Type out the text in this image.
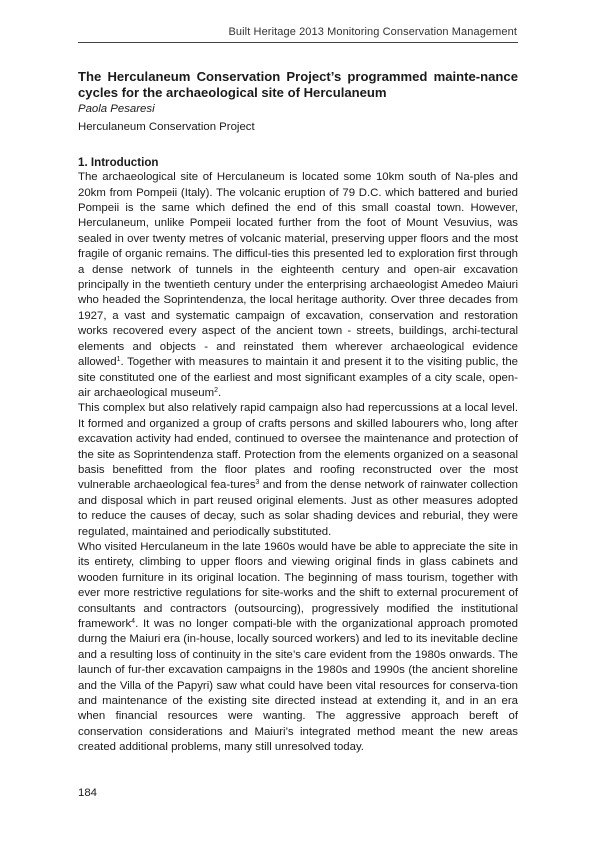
Built Heritage 2013 Monitoring Conservation Management
The Herculaneum Conservation Project’s programmed mainte-nance cycles for the archaeological site of Herculaneum
Paola Pesaresi
Herculaneum Conservation Project
1. Introduction

The archaeological site of Herculaneum is located some 10km south of Na-ples and 20km from Pompeii (Italy). The volcanic eruption of 79 D.C. which battered and buried Pompeii is the same which defined the end of this small coastal town. However, Herculaneum, unlike Pompeii located further from the foot of Mount Vesuvius, was sealed in over twenty metres of volcanic material, preserving upper floors and the most fragile of organic remains. The difficul-ties this presented led to exploration first through a dense network of tunnels in the eighteenth century and open-air excavation principally in the twentieth century under the enterprising archaeologist Amedeo Maiuri who headed the Soprintendenza, the local heritage authority. Over three decades from 1927, a vast and systematic campaign of excavation, conservation and restoration works recovered every aspect of the ancient town - streets, buildings, archi-tectural elements and objects - and reinstated them wherever archaeological evidence allowed$^1$. Together with measures to maintain it and present it to the visiting public, the site constituted one of the earliest and most significant examples of a city scale, open-air archaeological museum$^2$.

This complex but also relatively rapid campaign also had repercussions at a local level. It formed and organized a group of crafts persons and skilled labourers who, long after excavation activity had ended, continued to oversee the maintenance and protection of the site as Soprintendenza staff. Protection from the elements organized on a seasonal basis benefitted from the floor plates and roofing reconstructed over the most vulnerable archaeological fea-tures$^3$ and from the dense network of rainwater collection and disposal which in part reused original elements. Just as other measures adopted to reduce the causes of decay, such as solar shading devices and reburial, they were regulated, maintained and periodically substituted.

Who visited Herculaneum in the late 1960s would have be able to appreciate the site in its entirety, climbing to upper floors and viewing original finds in glass cabinets and wooden furniture in its original location. The beginning of mass tourism, together with ever more restrictive regulations for site-works and the shift to external procurement of consultants and contractors (outsourcing), progressively modified the institutional framework$^4$. It was no longer compati-ble with the organizational approach promoted durng the Maiuri era (in-house, locally sourced workers) and led to its inevitable decline and a resulting loss of continuity in the site’s care evident from the 1980s onwards. The launch of fur-ther excavation campaigns in the 1980s and 1990s (the ancient shoreline and the Villa of the Papyri) saw what could have been vital resources for conserva-tion and maintenance of the existing site directed instead at extending it, and in an era when financial resources were wanting. The aggressive approach bereft of conservation considerations and Maiuri’s integrated method meant the new areas created additional problems, many still unresolved today.

184
